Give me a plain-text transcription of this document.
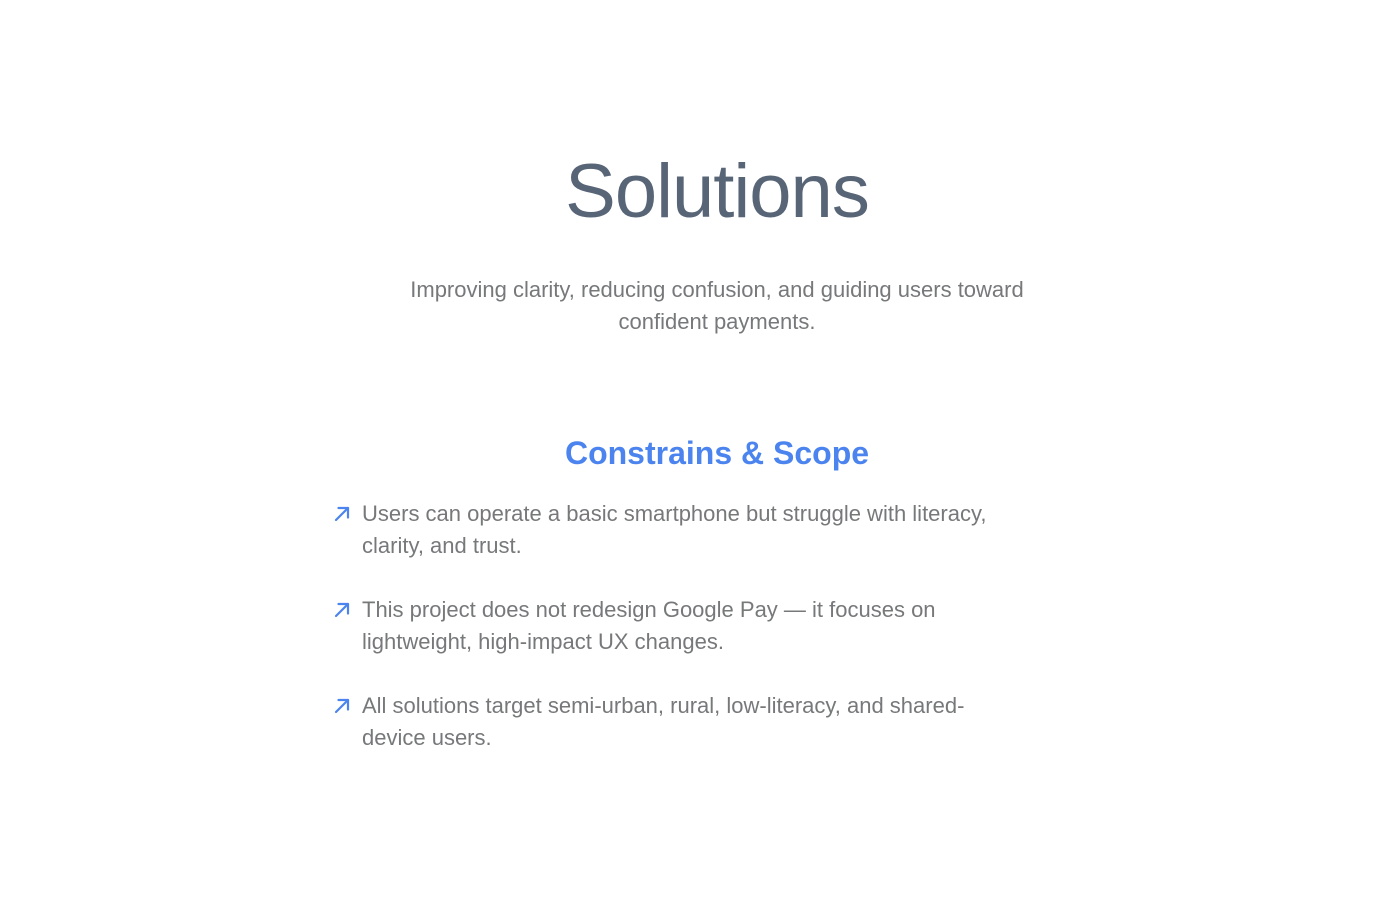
Solutions
Improving clarity, reducing confusion, and guiding users toward
confident payments.
Constrains & Scope
Users can operate a basic smartphone but struggle with literacy,
clarity, and trust.
This project does not redesign Google Pay — it focuses on
lightweight, high-impact UX changes.
All solutions target semi-urban, rural, low-literacy, and shared-
device users.
